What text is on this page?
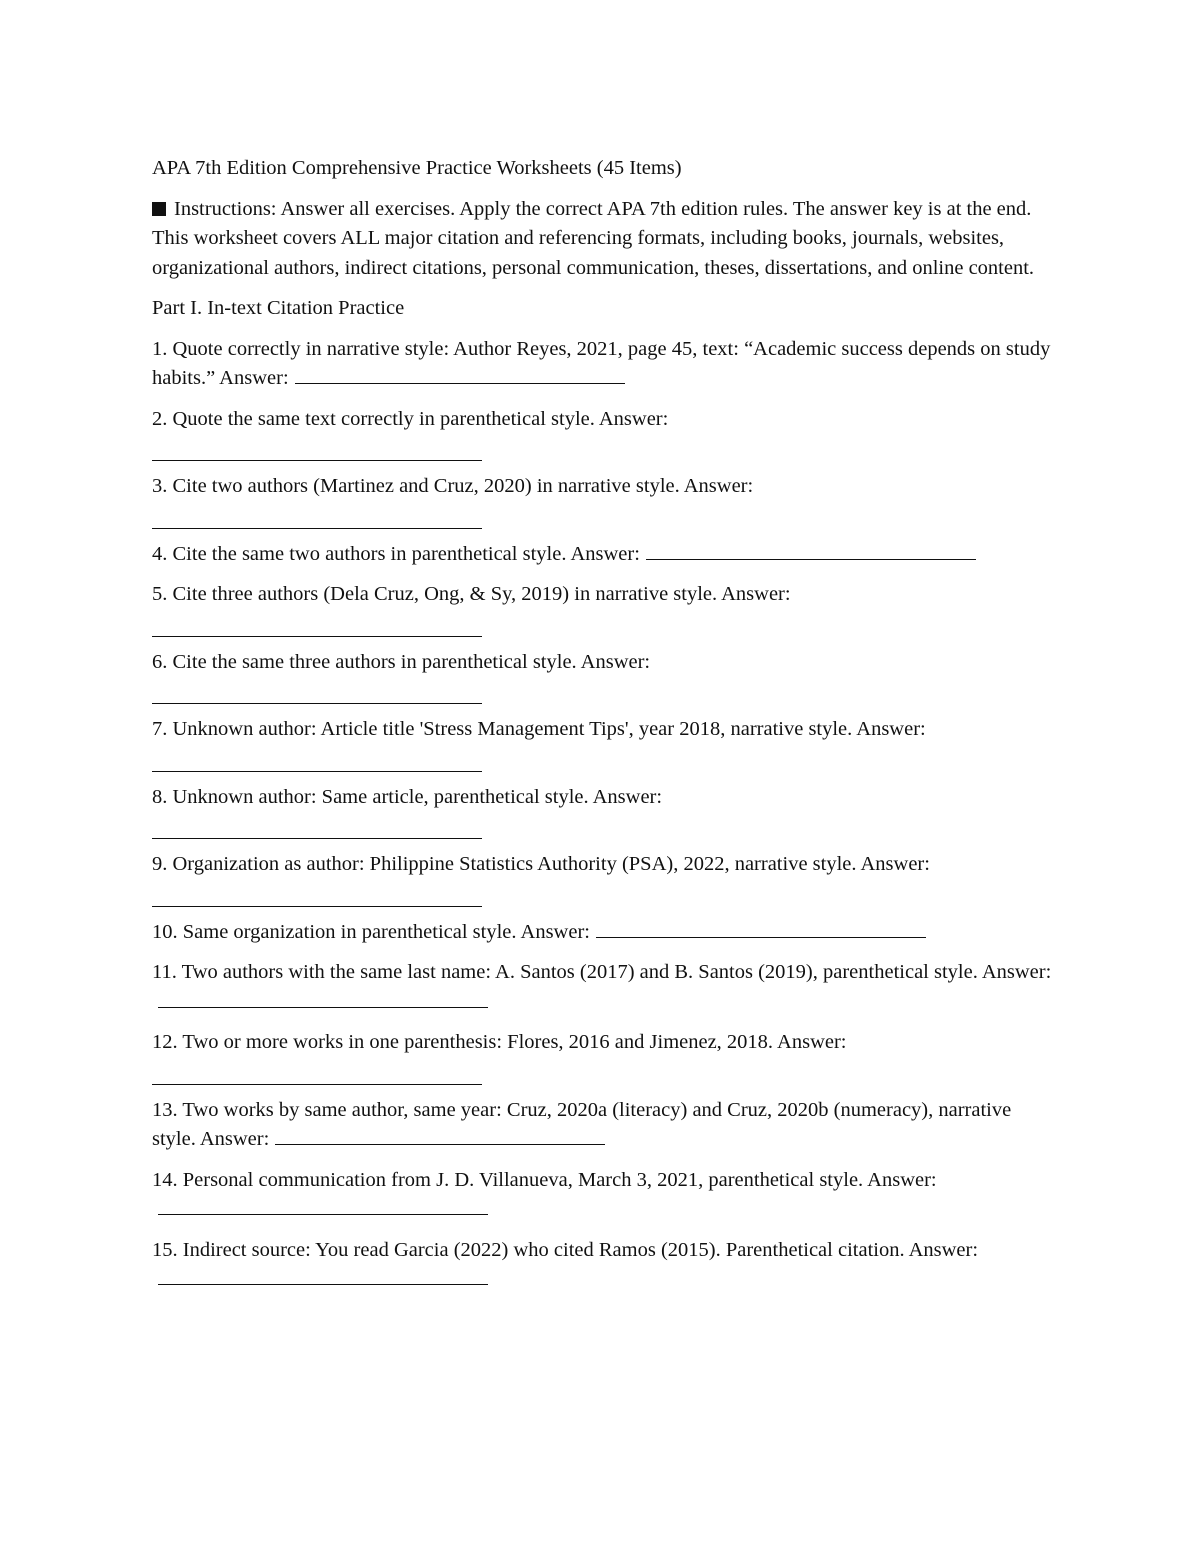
APA 7th Edition Comprehensive Practice Worksheets (45 Items)
Instructions: Answer all exercises. Apply the correct APA 7th edition rules. The answer key is at the end. This worksheet covers ALL major citation and referencing formats, including books, journals, websites, organizational authors, indirect citations, personal communication, theses, dissertations, and online content.
Part I. In-text Citation Practice
1. Quote correctly in narrative style: Author Reyes, 2021, page 45, text: “Academic success depends on study habits.” Answer:
2. Quote the same text correctly in parenthetical style. Answer:
3. Cite two authors (Martinez and Cruz, 2020) in narrative style. Answer:
4. Cite the same two authors in parenthetical style. Answer:
5. Cite three authors (Dela Cruz, Ong, & Sy, 2019) in narrative style. Answer:
6. Cite the same three authors in parenthetical style. Answer:
7. Unknown author: Article title 'Stress Management Tips', year 2018, narrative style. Answer:
8. Unknown author: Same article, parenthetical style. Answer:
9. Organization as author: Philippine Statistics Authority (PSA), 2022, narrative style. Answer:
10. Same organization in parenthetical style. Answer:
11. Two authors with the same last name: A. Santos (2017) and B. Santos (2019), parenthetical style. Answer:
12. Two or more works in one parenthesis: Flores, 2016 and Jimenez, 2018. Answer:
13. Two works by same author, same year: Cruz, 2020a (literacy) and Cruz, 2020b (numeracy), narrative style. Answer:
14. Personal communication from J. D. Villanueva, March 3, 2021, parenthetical style. Answer:
15. Indirect source: You read Garcia (2022) who cited Ramos (2015). Parenthetical citation. Answer:
